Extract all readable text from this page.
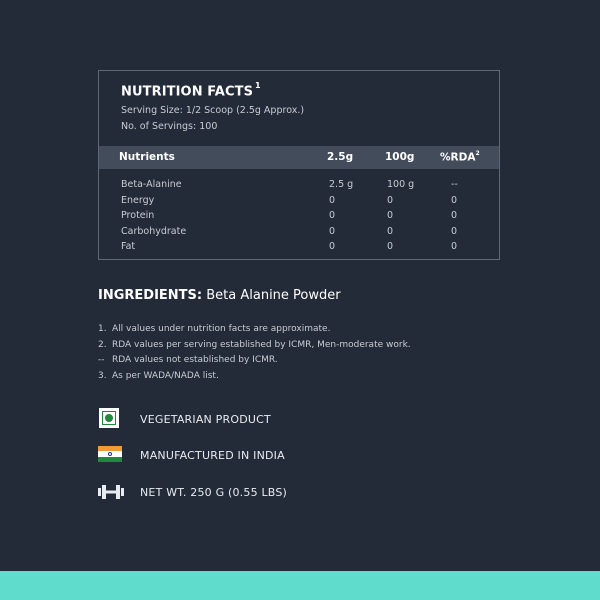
NUTRITION FACTS $^1$
Serving Size: 1/2 Scoop (2.5g Approx.)
No. of Servings: 100
Nutrients	2.5g	100g %RDA$^2$
Beta-Alanine	2.5 g	100 g	--
Energy	0	0	0
Protein	0	0	0
Carbohydrate	0	0	0
Fat	0	0	0
INGREDIENTS: Beta Alanine Powder
1. All values under nutrition facts are approximate.
2. RDA values per serving established by ICMR, Men-moderate work.
-- RDA values not established by ICMR.
3. As per WADA/NADA list.
VEGETARIAN PRODUCT
MANUFACTURED IN INDIA
NET WT. 250 G (0.55 LBS)
